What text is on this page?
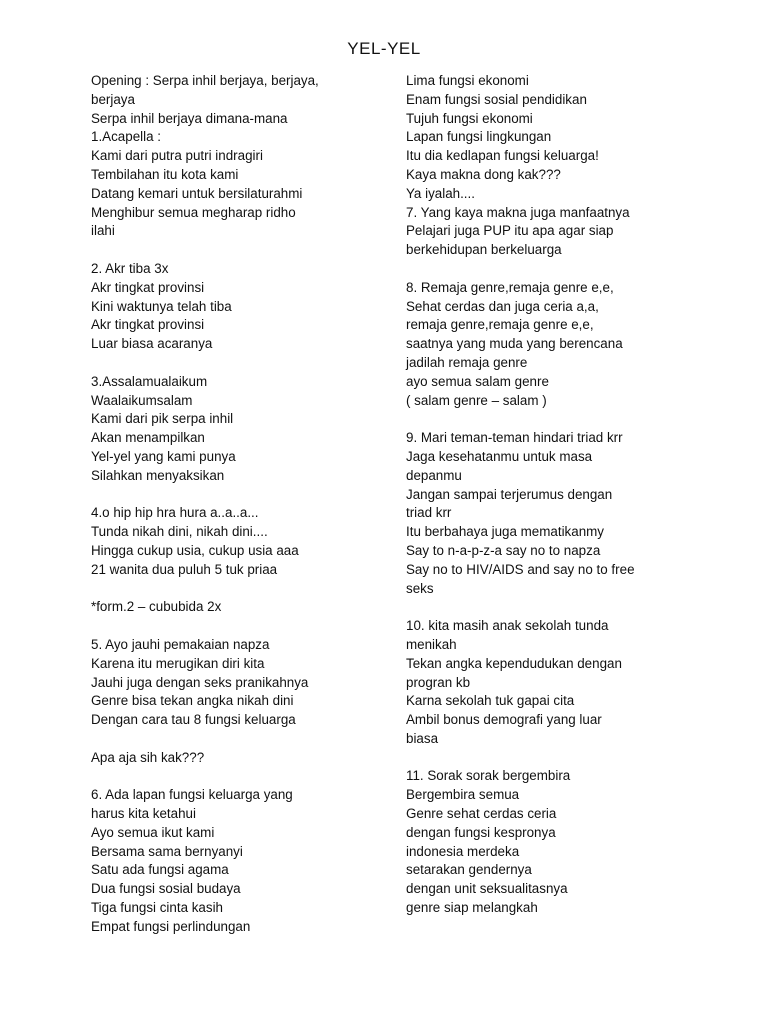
YEL-YEL
Opening : Serpa inhil berjaya, berjaya,
berjaya
Serpa inhil berjaya dimana-mana
1.Acapella :
Kami dari putra putri indragiri
Tembilahan itu kota kami
Datang kemari untuk bersilaturahmi
Menghibur semua megharap ridho
ilahi
2. Akr tiba 3x
Akr tingkat provinsi
Kini waktunya telah tiba
Akr tingkat provinsi
Luar biasa acaranya
3.Assalamualaikum
Waalaikumsalam
Kami dari pik serpa inhil
Akan menampilkan
Yel-yel yang kami punya
Silahkan menyaksikan
4.o hip hip hra hura a..a..a...
Tunda nikah dini, nikah dini....
Hingga cukup usia, cukup usia aaa
21 wanita dua puluh 5 tuk priaa
*form.2 – cububida 2x
5. Ayo jauhi pemakaian napza
Karena itu merugikan diri kita
Jauhi juga dengan seks pranikahnya
Genre bisa tekan angka nikah dini
Dengan cara tau 8 fungsi keluarga
Apa aja sih kak???
6. Ada lapan fungsi keluarga yang
harus kita ketahui
Ayo semua ikut kami
Bersama sama bernyanyi
Satu ada fungsi agama
Dua fungsi sosial budaya
Tiga fungsi cinta kasih
Empat fungsi perlindungan
Lima fungsi ekonomi
Enam fungsi sosial pendidikan
Tujuh fungsi ekonomi
Lapan fungsi lingkungan
Itu dia kedlapan fungsi keluarga!
Kaya makna dong kak???
Ya iyalah....
7. Yang kaya makna juga manfaatnya
Pelajari juga PUP itu apa agar siap
berkehidupan berkeluarga
8. Remaja genre,remaja genre e,e,
Sehat cerdas dan juga ceria a,a,
remaja genre,remaja genre e,e,
saatnya yang muda yang berencana
jadilah remaja genre
ayo semua salam genre
( salam genre – salam )
9. Mari teman-teman hindari triad krr
Jaga kesehatanmu untuk masa
depanmu
Jangan sampai terjerumus dengan
triad krr
Itu berbahaya juga mematikanmy
Say to n-a-p-z-a say no to napza
Say no to HIV/AIDS and say no to free
seks
10. kita masih anak sekolah tunda
menikah
Tekan angka kependudukan dengan
progran kb
Karna sekolah tuk gapai cita
Ambil bonus demografi yang luar
biasa
11. Sorak sorak bergembira
Bergembira semua
Genre sehat cerdas ceria
dengan fungsi kespronya
indonesia merdeka
setarakan gendernya
dengan unit seksualitasnya
genre siap melangkah
